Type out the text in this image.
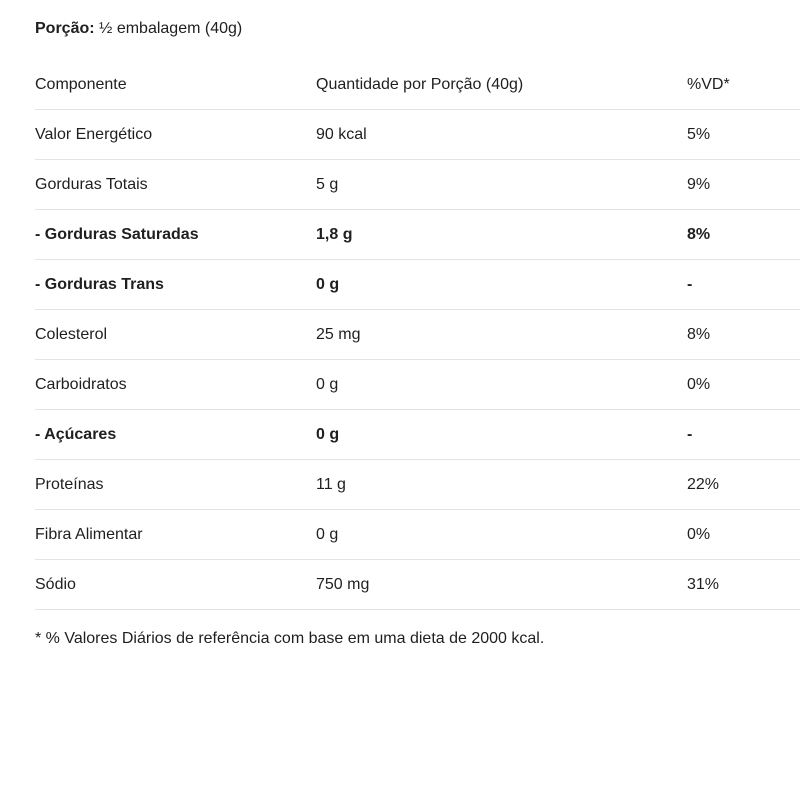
Porção: ½ embalagem (40g)
Componente	Quantidade por Porção (40g)	%VD*
Valor Energético	90 kcal	5%
Gorduras Totais	5 g	9%
- Gorduras Saturadas	1,8 g	8%
- Gorduras Trans	0 g	-
Colesterol	25 mg	8%
Carboidratos	0 g	0%
- Açúcares	0 g	-
Proteínas	11 g	22%
Fibra Alimentar	0 g	0%
Sódio	750 mg	31%
* % Valores Diários de referência com base em uma dieta de 2000 kcal.
